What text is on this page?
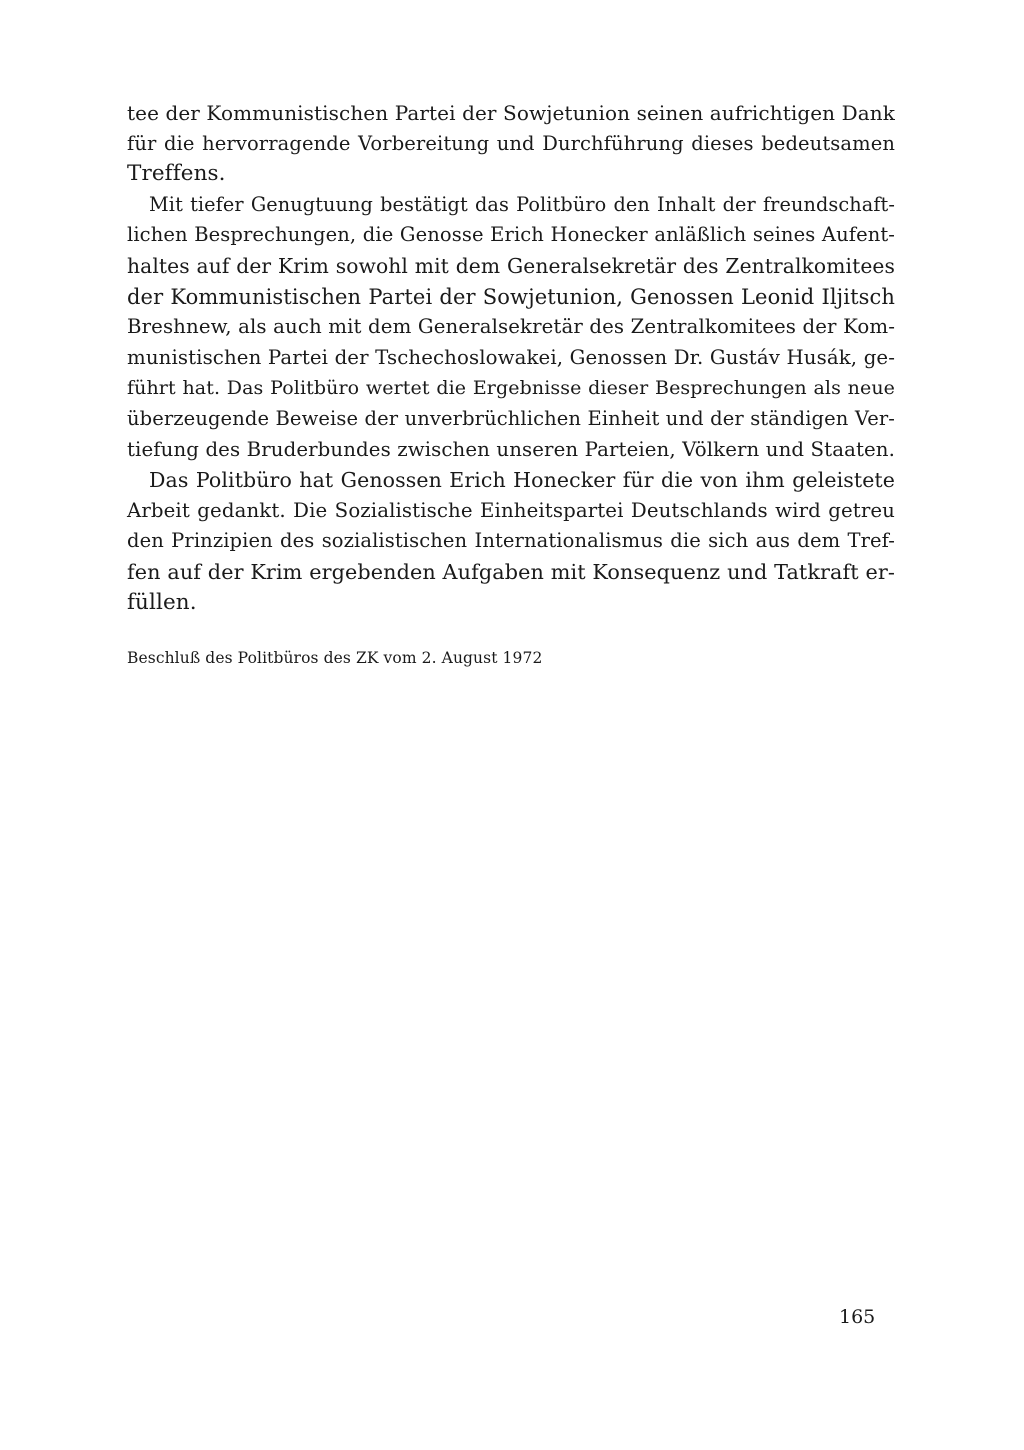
tee der Kommunistischen Partei der Sowjetunion seinen aufrichtigen Dank
für die hervorragende Vorbereitung und Durchführung dieses bedeutsamen
Treffens.

Mit tiefer Genugtuung bestätigt das Politbüro den Inhalt der freundschaft-
lichen Besprechungen, die Genosse Erich Honecker anläßlich seines Aufent-
haltes auf der Krim sowohl mit dem Generalsekretär des Zentralkomitees
der Kommunistischen Partei der Sowjetunion, Genossen Leonid Iljitsch
Breshnew, als auch mit dem Generalsekretär des Zentralkomitees der Kom-
munistischen Partei der Tschechoslowakei, Genossen Dr. Gustáv Husák, ge-
führt hat. Das Politbüro wertet die Ergebnisse dieser Besprechungen als neue
überzeugende Beweise der unverbrüchlichen Einheit und der ständigen Ver-
tiefung des Bruderbundes zwischen unseren Parteien, Völkern und Staaten.

Das Politbüro hat Genossen Erich Honecker für die von ihm geleistete
Arbeit gedankt. Die Sozialistische Einheitspartei Deutschlands wird getreu
den Prinzipien des sozialistischen Internationalismus die sich aus dem Tref-
fen auf der Krim ergebenden Aufgaben mit Konsequenz und Tatkraft er-
füllen.

Beschluß des Politbüros des ZK vom 2. August 1972
165
